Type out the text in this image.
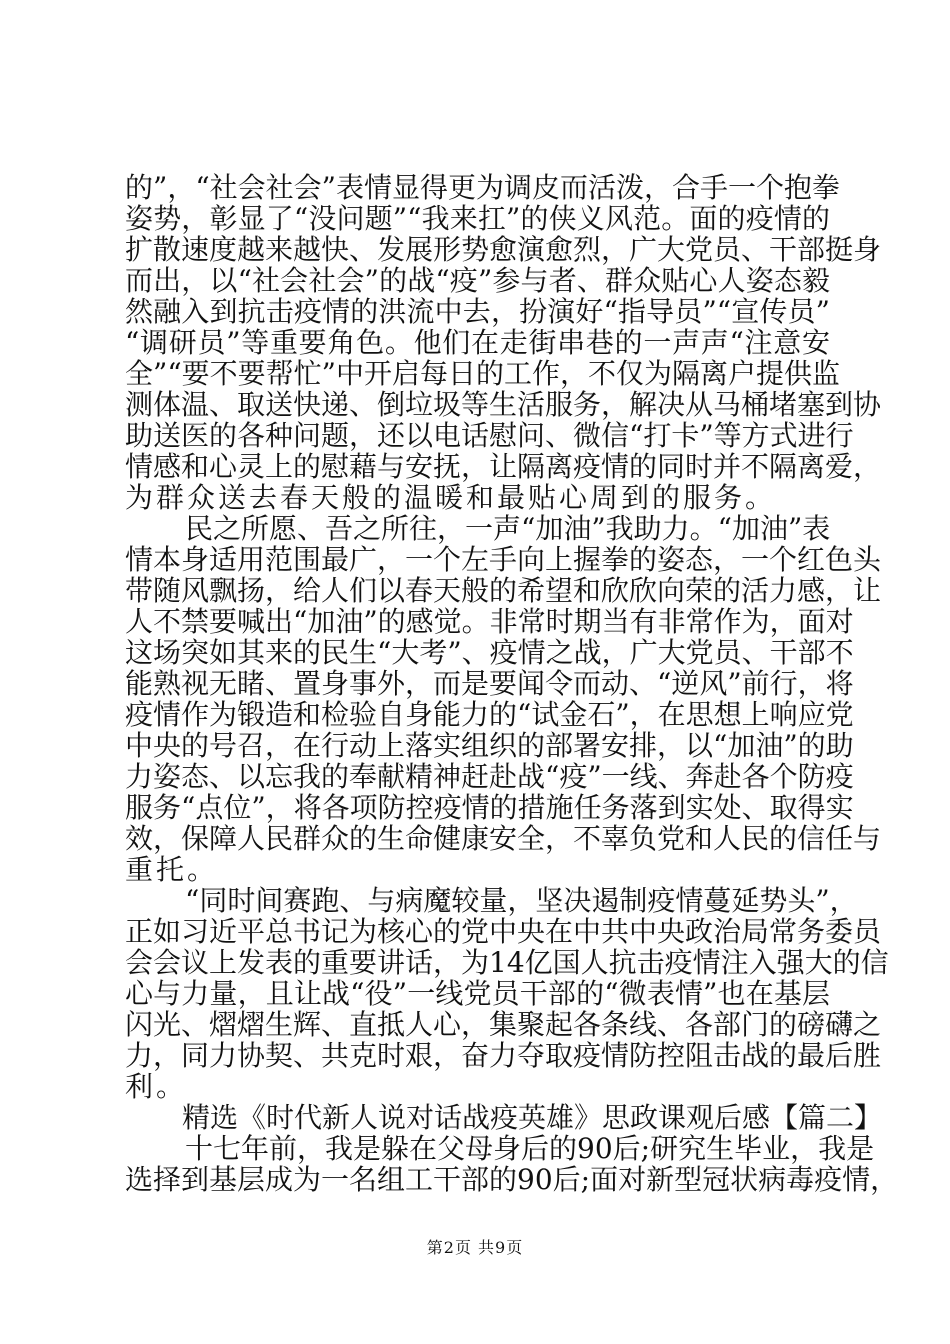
的”，“社会社会”表情显得更为调皮而活泼，合手一个抱拳
姿势，彰显了“没问题”“我来扛”的侠义风范。面的疫情的
扩散速度越来越快、发展形势愈演愈烈，广大党员、干部挺身
而出，以“社会社会”的战“疫”参与者、群众贴心人姿态毅
然融入到抗击疫情的洪流中去，扮演好“指导员”“宣传员”
“调研员”等重要角色。他们在走街串巷的一声声“注意安
全”“要不要帮忙”中开启每日的工作，不仅为隔离户提供监
测体温、取送快递、倒垃圾等生活服务，解决从马桶堵塞到协
助送医的各种问题，还以电话慰问、微信“打卡”等方式进行
情感和心灵上的慰藉与安抚，让隔离疫情的同时并不隔离爱，
为群众送去春天般的温暖和最贴心周到的服务。
民之所愿、吾之所往，一声“加油”我助力。“加油”表
情本身适用范围最广，一个左手向上握拳的姿态，一个红色头
带随风飘扬，给人们以春天般的希望和欣欣向荣的活力感，让
人不禁要喊出“加油”的感觉。非常时期当有非常作为，面对
这场突如其来的民生“大考”、疫情之战，广大党员、干部不
能熟视无睹、置身事外，而是要闻令而动、“逆风”前行，将
疫情作为锻造和检验自身能力的“试金石”，在思想上响应党
中央的号召，在行动上落实组织的部署安排，以“加油”的助
力姿态、以忘我的奉献精神赶赴战“疫”一线、奔赴各个防疫
服务“点位”，将各项防控疫情的措施任务落到实处、取得实
效，保障人民群众的生命健康安全，不辜负党和人民的信任与
重托。
“同时间赛跑、与病魔较量，坚决遏制疫情蔓延势头”，
正如习近平总书记为核心的党中央在中共中央政治局常务委员
会会议上发表的重要讲话，为14亿国人抗击疫情注入强大的信
心与力量，且让战“役”一线党员干部的“微表情”也在基层
闪光、熠熠生辉、直抵人心，集聚起各条线、各部门的磅礴之
力，同力协契、共克时艰，奋力夺取疫情防控阻击战的最后胜
利。
精选《时代新人说对话战疫英雄》思政课观后感【篇二】
十七年前，我是躲在父母身后的90后;研究生毕业，我是
选择到基层成为一名组工干部的90后;面对新型冠状病毒疫情，
第2页 共9页
